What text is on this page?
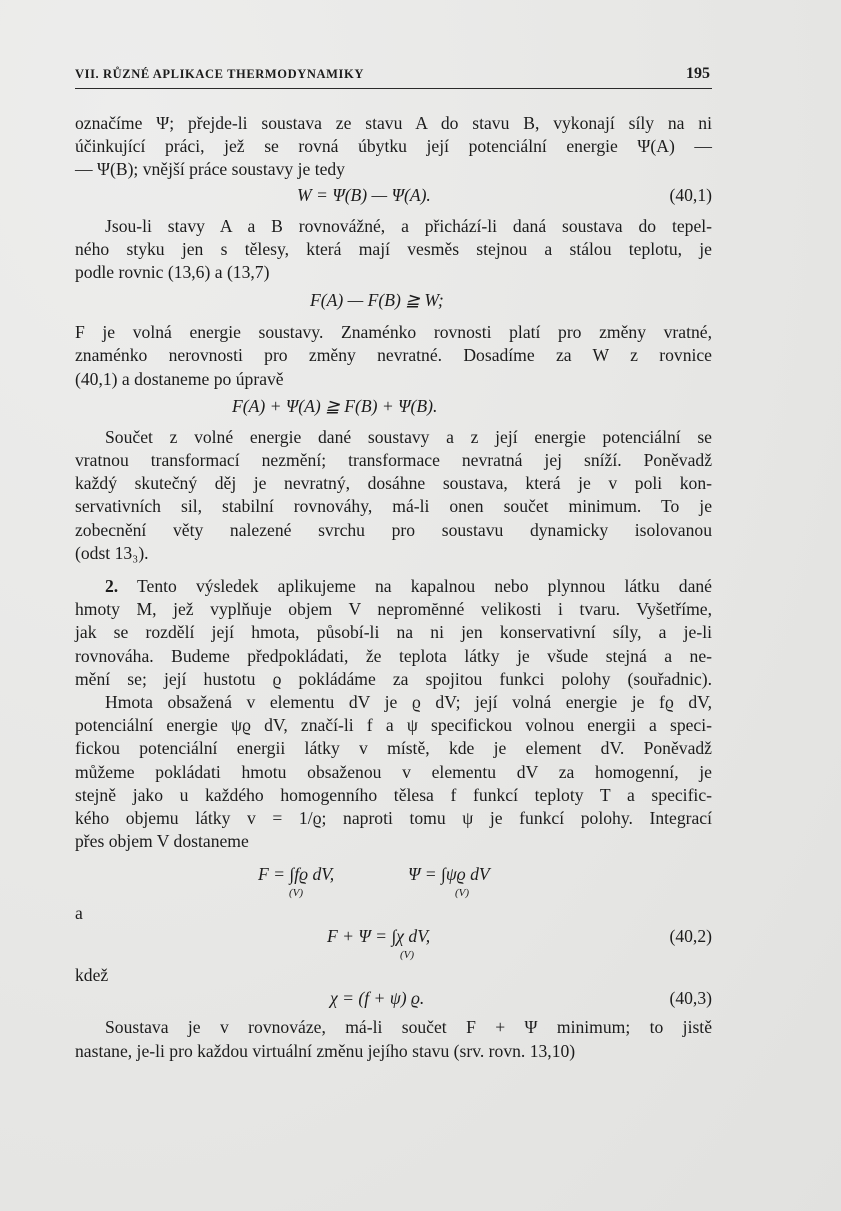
VII. RŮZNÉ APLIKACE THERMODYNAMIKY	195

označíme Ψ; přejde-li soustava ze stavu A do stavu B, vykonají síly na ni
účinkující práci, jež se rovná úbytku její potenciální energie Ψ(A) —
— Ψ(B); vnější práce soustavy je tedy

W = Ψ(B) — Ψ(A).	(40,1)

Jsou-li stavy A a B rovnovážné, a přichází-li daná soustava do tepel-
ného styku jen s tělesy, která mají vesměs stejnou a stálou teplotu, je
podle rovnic (13,6) a (13,7)

F(A) — F(B) ≧ W;

F je volná energie soustavy. Znaménko rovnosti platí pro změny vratné,
znaménko nerovnosti pro změny nevratné. Dosadíme za W z rovnice
(40,1) a dostaneme po úpravě

F(A) + Ψ(A) ≧ F(B) + Ψ(B).

Součet z volné energie dané soustavy a z její energie potenciální se
vratnou transformací nezmění; transformace nevratná jej sníží. Poněvadž
každý skutečný děj je nevratný, dosáhne soustava, která je v poli kon-
servativních sil, stabilní rovnováhy, má-li onen součet minimum. To je
zobecnění věty nalezené svrchu pro soustavu dynamicky isolovanou
(odst 13₃).

2. Tento výsledek aplikujeme na kapalnou nebo plynnou látku dané
hmoty M, jež vyplňuje objem V nepromĕnné velikosti i tvaru. Vyšetříme,
jak se rozdělí její hmota, působí-li na ni jen konservativní síly, a je-li
rovnováha. Budeme předpokládati, že teplota látky je všude stejná a ne-
mění se; její hustotu ϱ pokládáme za spojitou funkci polohy (souřadnic).

Hmota obsažená v elementu dV je ϱ dV; její volná energie je fϱ dV,
potenciální energie ψϱ dV, značí-li f a ψ specifickou volnou energii a speci-
fickou potenciální energii látky v místě, kde je element dV. Poněvadž
můžeme pokládati hmotu obsaženou v elementu dV za homogenní, je
stejně jako u každého homogenního tělesa f funkcí teploty T a specific-
kého objemu látky v = 1/ϱ; naproti tomu ψ je funkcí polohy. Integrací
přes objem V dostaneme

F = ∫fϱ dV,
(V)
Ψ = ∫ψϱ dV
(V)
a
F + Ψ = ∫χ dV,
(V)
(40,2)
kdež
χ = (f + ψ) ϱ.	(40,3)

Soustava je v rovnováze, má-li součet F + Ψ minimum; to jistě
nastane, je-li pro každou virtuální změnu jejího stavu (srv. rovn. 13,10)
